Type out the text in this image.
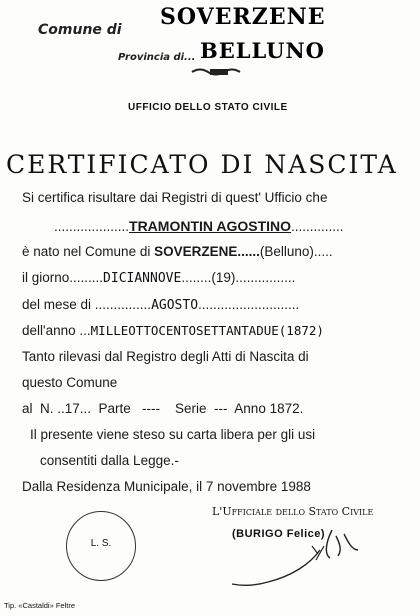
Comune di SOVERZENE
Provincia di... BELLUNO
UFFICIO DELLO STATO CIVILE
CERTIFICATO DI NASCITA
Si certifica risultare dai Registri di quest' Ufficio che
....................TRAMONTIN AGOSTINO..............
è nato nel Comune di SOVERZENE......(Belluno).....
il giorno.........DICIANNOVE........(19)................
del mese di ...............AGOSTO...........................
dell'anno ...MILLEOTTOCENTOSETTANTADUE(1872)
Tanto rilevasi dal Registro degli Atti di Nascita di
questo Comune
al  N. ..17...  Parte   ----    Serie  ---  Anno 1872.
Il presente viene steso su carta libera per gli usi
consentiti dalla Legge.-
Dalla Residenza Municipale, il 7 novembre 1988
L. S.
L'Ufficiale dello Stato Civile
(BURIGO Felice)
Tip. «Castaldi» Feltre
